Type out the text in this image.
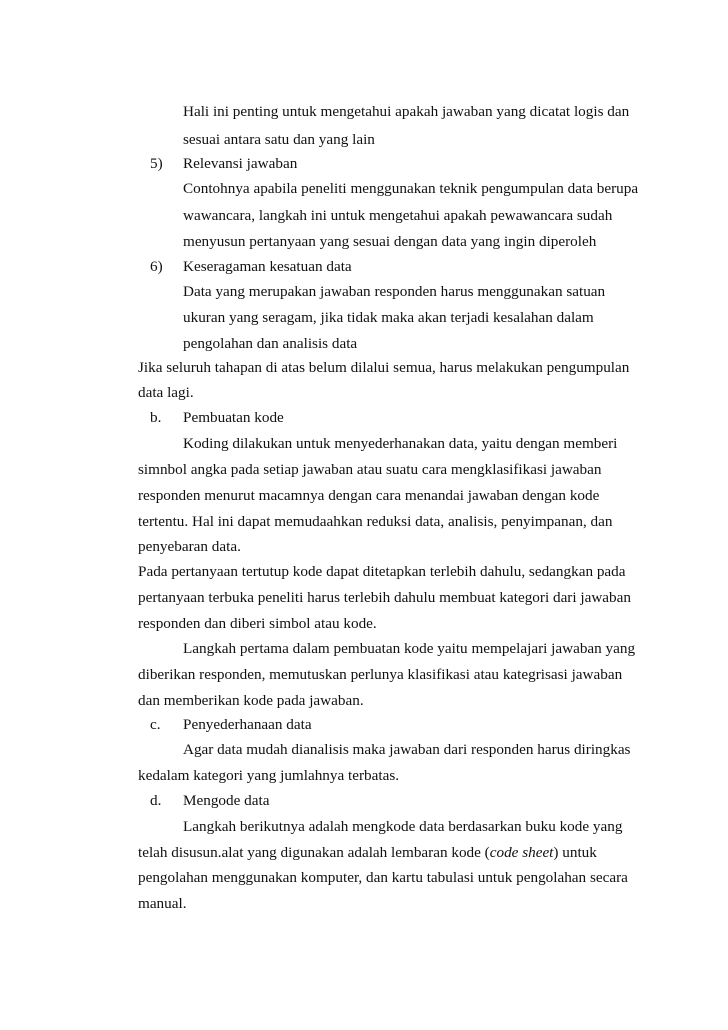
Hali ini penting untuk mengetahui apakah jawaban yang dicatat logis dan
sesuai antara satu dan yang lain
5) Relevansi jawaban
Contohnya apabila peneliti menggunakan teknik pengumpulan data berupa
wawancara, langkah ini untuk mengetahui apakah pewawancara sudah
menyusun pertanyaan yang sesuai dengan data yang ingin diperoleh
6) Keseragaman kesatuan data
Data yang merupakan jawaban responden harus menggunakan satuan
ukuran yang seragam, jika tidak maka akan terjadi kesalahan dalam
pengolahan dan analisis data
Jika seluruh tahapan di atas belum dilalui semua, harus melakukan pengumpulan
data lagi.
b. Pembuatan kode
Koding dilakukan untuk menyederhanakan data, yaitu dengan memberi
simnbol angka pada setiap jawaban atau suatu cara mengklasifikasi jawaban
responden menurut macamnya dengan cara menandai jawaban dengan kode
tertentu. Hal ini dapat memudaahkan reduksi data, analisis, penyimpanan, dan
penyebaran data.
Pada pertanyaan tertutup kode dapat ditetapkan terlebih dahulu, sedangkan pada
pertanyaan terbuka peneliti harus terlebih dahulu membuat kategori dari jawaban
responden dan diberi simbol atau kode.
Langkah pertama dalam pembuatan kode yaitu mempelajari jawaban yang
diberikan responden, memutuskan perlunya klasifikasi atau kategrisasi jawaban
dan memberikan kode pada jawaban.
c. Penyederhanaan data
Agar data mudah dianalisis maka jawaban dari responden harus diringkas
kedalam kategori yang jumlahnya terbatas.
d. Mengode data
Langkah berikutnya adalah mengkode data berdasarkan buku kode yang
telah disusun.alat yang digunakan adalah lembaran kode (code sheet) untuk
pengolahan menggunakan komputer, dan kartu tabulasi untuk pengolahan secara
manual.
